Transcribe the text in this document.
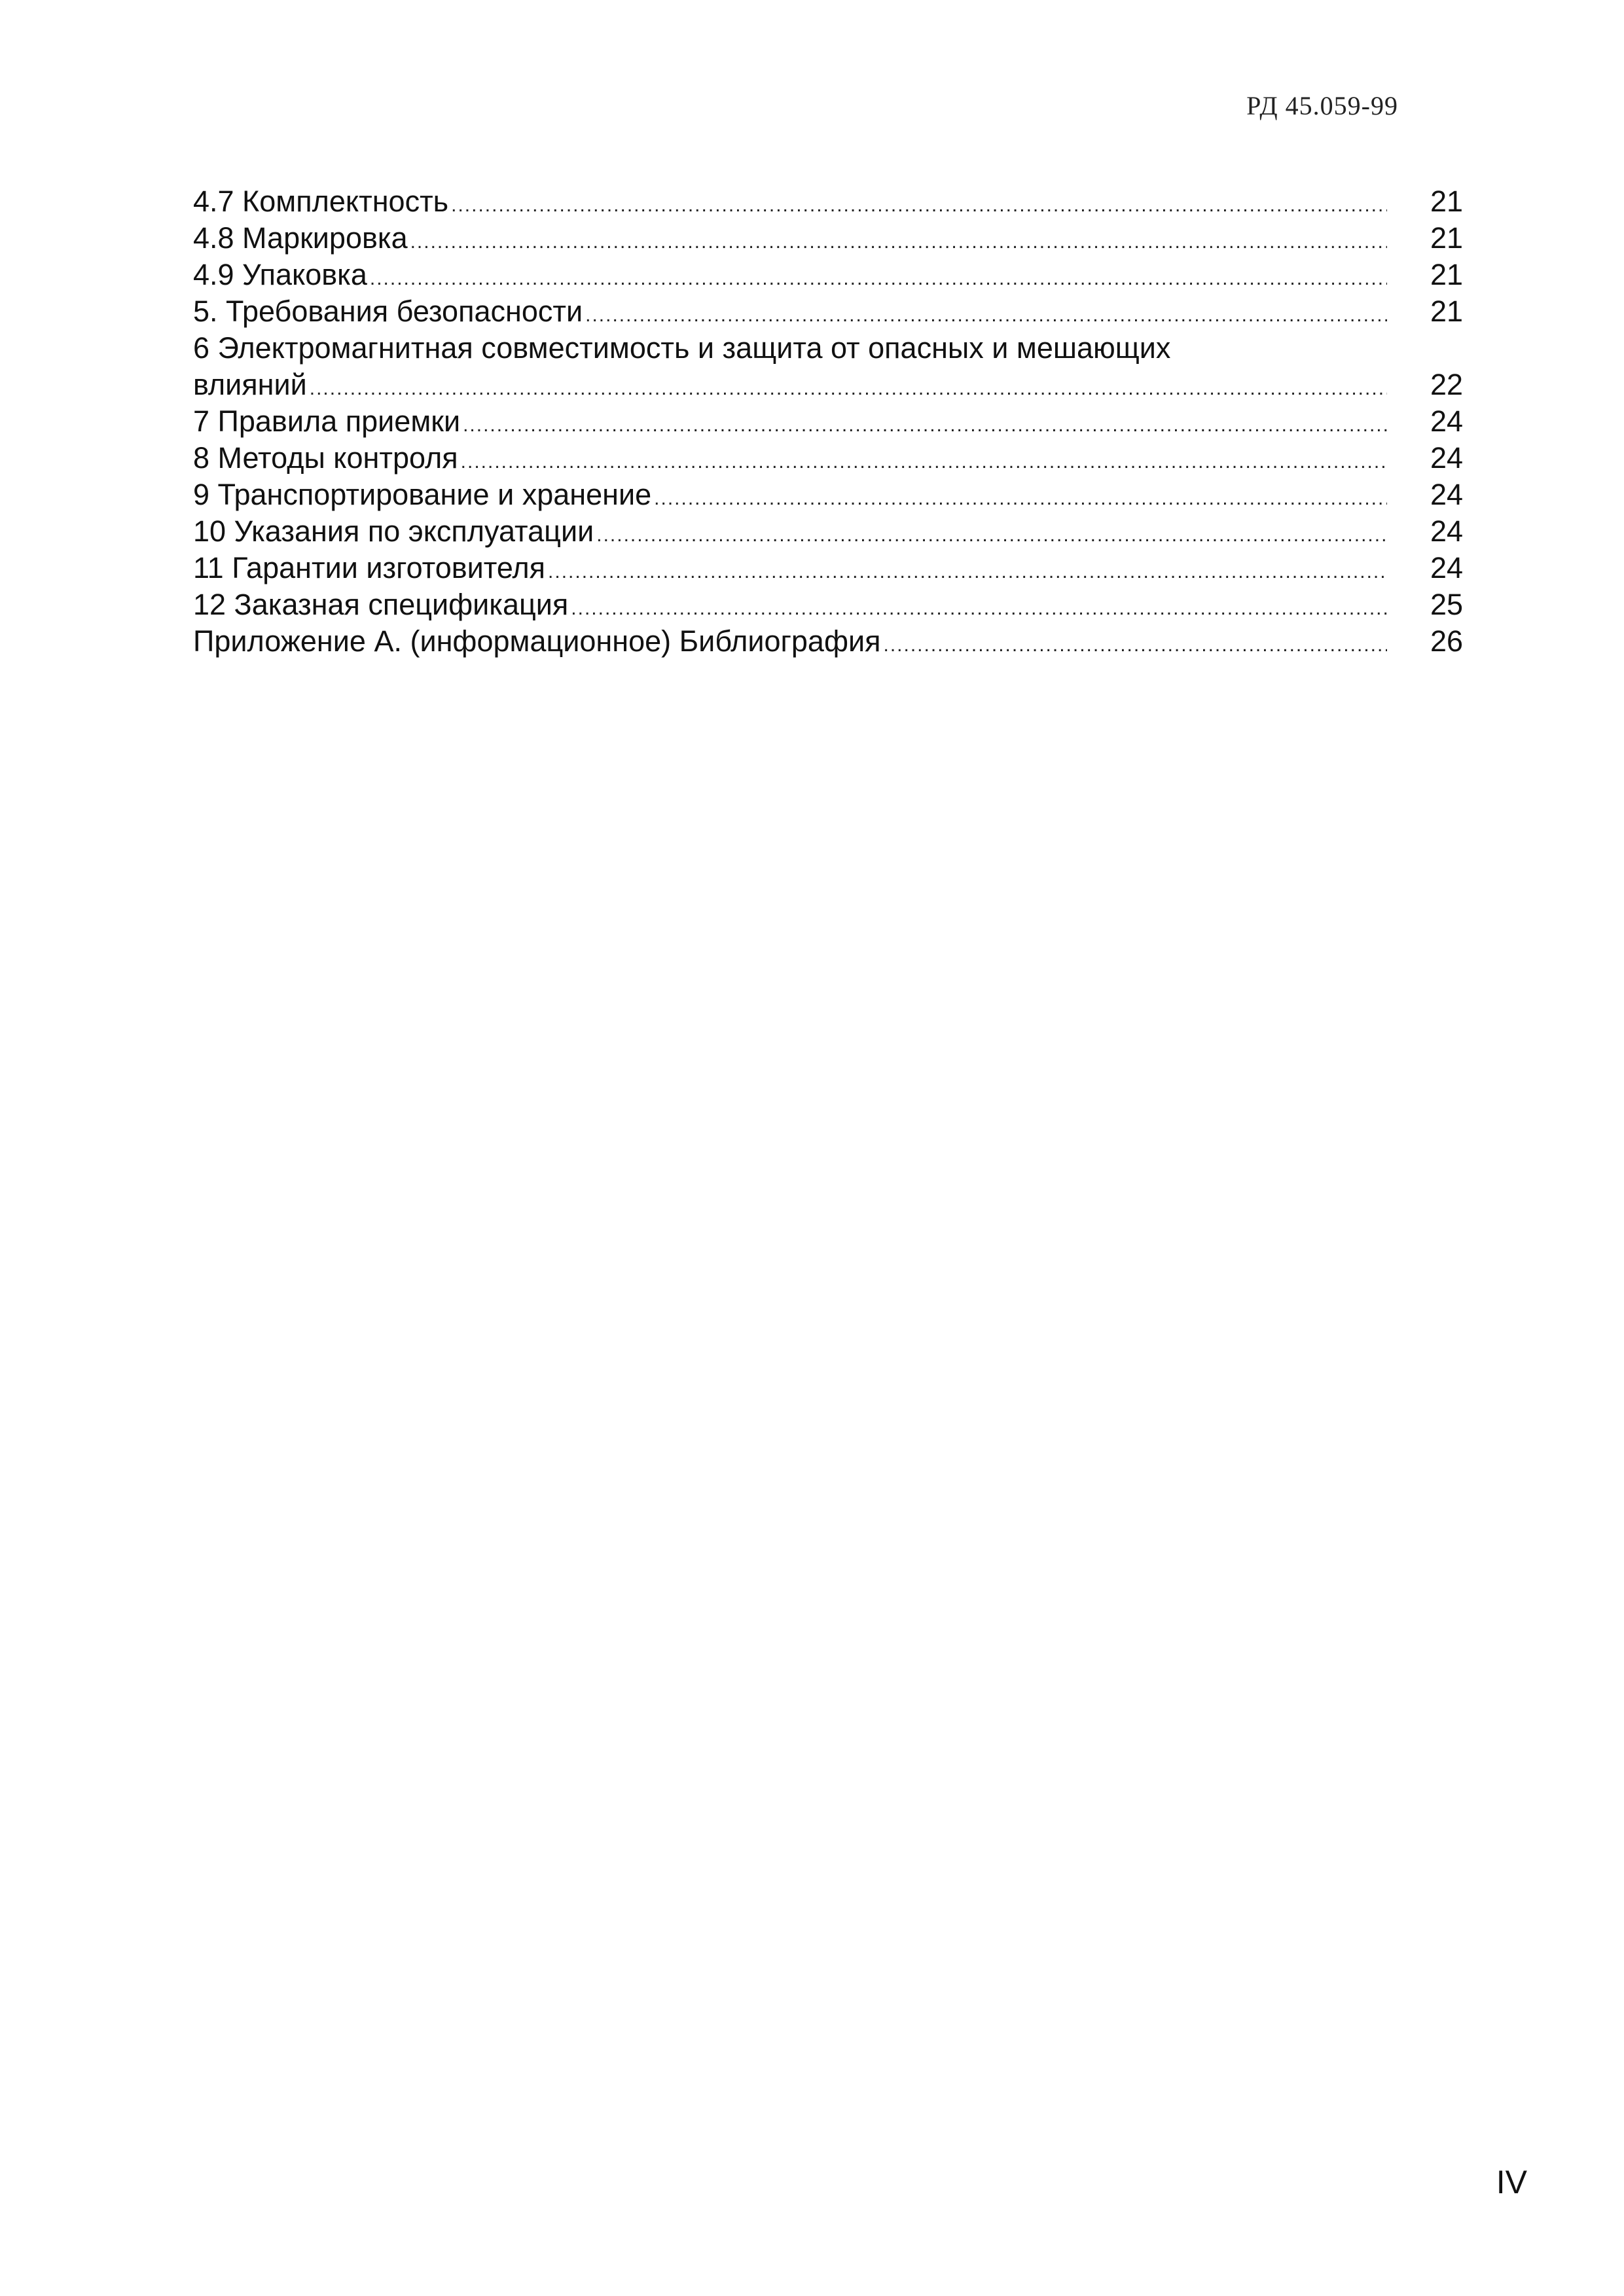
РД 45.059-99
4.7 Комплектность .....	21
4.8 Маркировка .....	21
4.9 Упаковка .....	21
5. Требования безопасности .....	21
6 Электромагнитная совместимость и защита от опасных и мешающих
влияний .....	22
7 Правила приемки .....	24
8 Методы контроля .....	24
9 Транспортирование и хранение .....	24
10 Указания по эксплуатации .....	24
11 Гарантии изготовителя .....	24
12 Заказная спецификация .....	25
Приложение А. (информационное) Библиография .....	26
IV
